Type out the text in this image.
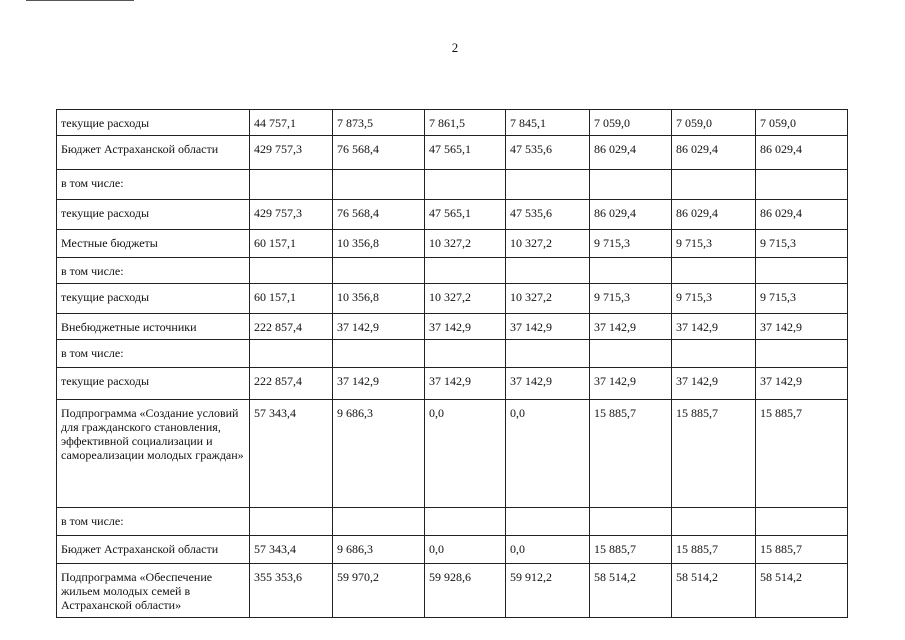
2
текущие расходы	44 757,1	7 873,5	7 861,5	7 845,1	7 059,0	7 059,0	7 059,0
Бюджет Астраханской области	429 757,3	76 568,4	47 565,1	47 535,6	86 029,4	86 029,4	86 029,4
в том числе:							
текущие расходы	429 757,3	76 568,4	47 565,1	47 535,6	86 029,4	86 029,4	86 029,4
Местные бюджеты	60 157,1	10 356,8	10 327,2	10 327,2	9 715,3	9 715,3	9 715,3
в том числе:							
текущие расходы	60 157,1	10 356,8	10 327,2	10 327,2	9 715,3	9 715,3	9 715,3
Внебюджетные источники	222 857,4	37 142,9	37 142,9	37 142,9	37 142,9	37 142,9	37 142,9
в том числе:							
текущие расходы	222 857,4	37 142,9	37 142,9	37 142,9	37 142,9	37 142,9	37 142,9
Подпрограмма «Создание условий для гражданского становления, эффективной социализации и самореализации молодых граждан»	57 343,4	9 686,3	0,0	0,0	15 885,7	15 885,7	15 885,7
в том числе:							
Бюджет Астраханской области	57 343,4	9 686,3	0,0	0,0	15 885,7	15 885,7	15 885,7
Подпрограмма «Обеспечение жильем молодых семей в Астраханской области»	355 353,6	59 970,2	59 928,6	59 912,2	58 514,2	58 514,2	58 514,2
